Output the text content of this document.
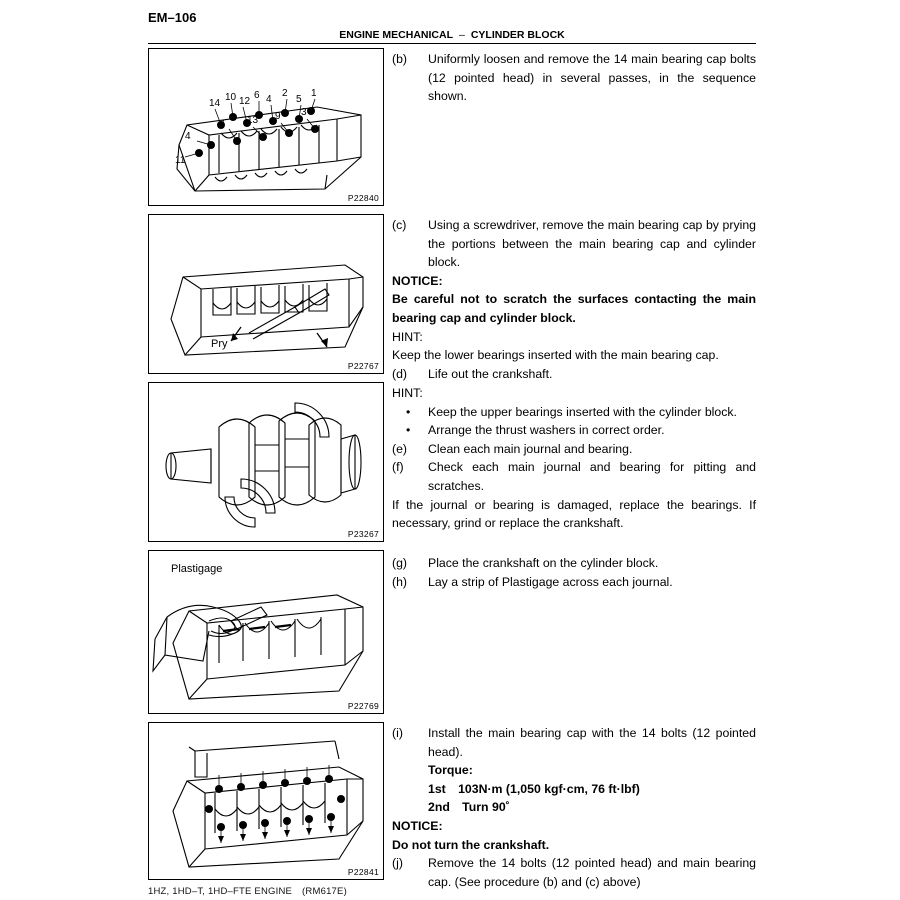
EM–106
ENGINE MECHANICAL – CYLINDER BLOCK
14
10 12
6 4
2
5
1
4
11
7 13 9 3
P22840
(b)	Uniformly loosen and remove the 14 main bearing cap bolts (12 pointed head) in several passes, in the sequence shown.
Pry
P22767
(c)	Using a screwdriver, remove the main bearing cap by prying the portions between the main bearing cap and cylinder block.
NOTICE:
Be careful not to scratch the surfaces contacting the main bearing cap and cylinder block.
HINT:
Keep the lower bearings inserted with the main bearing cap.
(d)	Life out the crankshaft.
P23267
HINT:
•	Keep the upper bearings inserted with the cylinder block.
•	Arrange the thrust washers in correct order.
(e)	Clean each main journal and bearing.
(f)	Check each main journal and bearing for pitting and scratches.
If the journal or bearing is damaged, replace the bearings. If necessary, grind or replace the crankshaft.
Plastigage
P22769
(g)	Place the crankshaft on the cylinder block.
(h)	Lay a strip of Plastigage across each journal.
P22841
(i)	Install the main bearing cap with the 14 bolts (12 pointed head).
Torque:
1st  103N·m (1,050 kgf·cm, 76 ft·lbf)
2nd  Turn 90˚
NOTICE:
Do not turn the crankshaft.
(j)	Remove the 14 bolts (12 pointed head) and main bearing cap. (See procedure (b) and (c) above)
1HZ, 1HD–T, 1HD–FTE ENGINE (RM617E)
